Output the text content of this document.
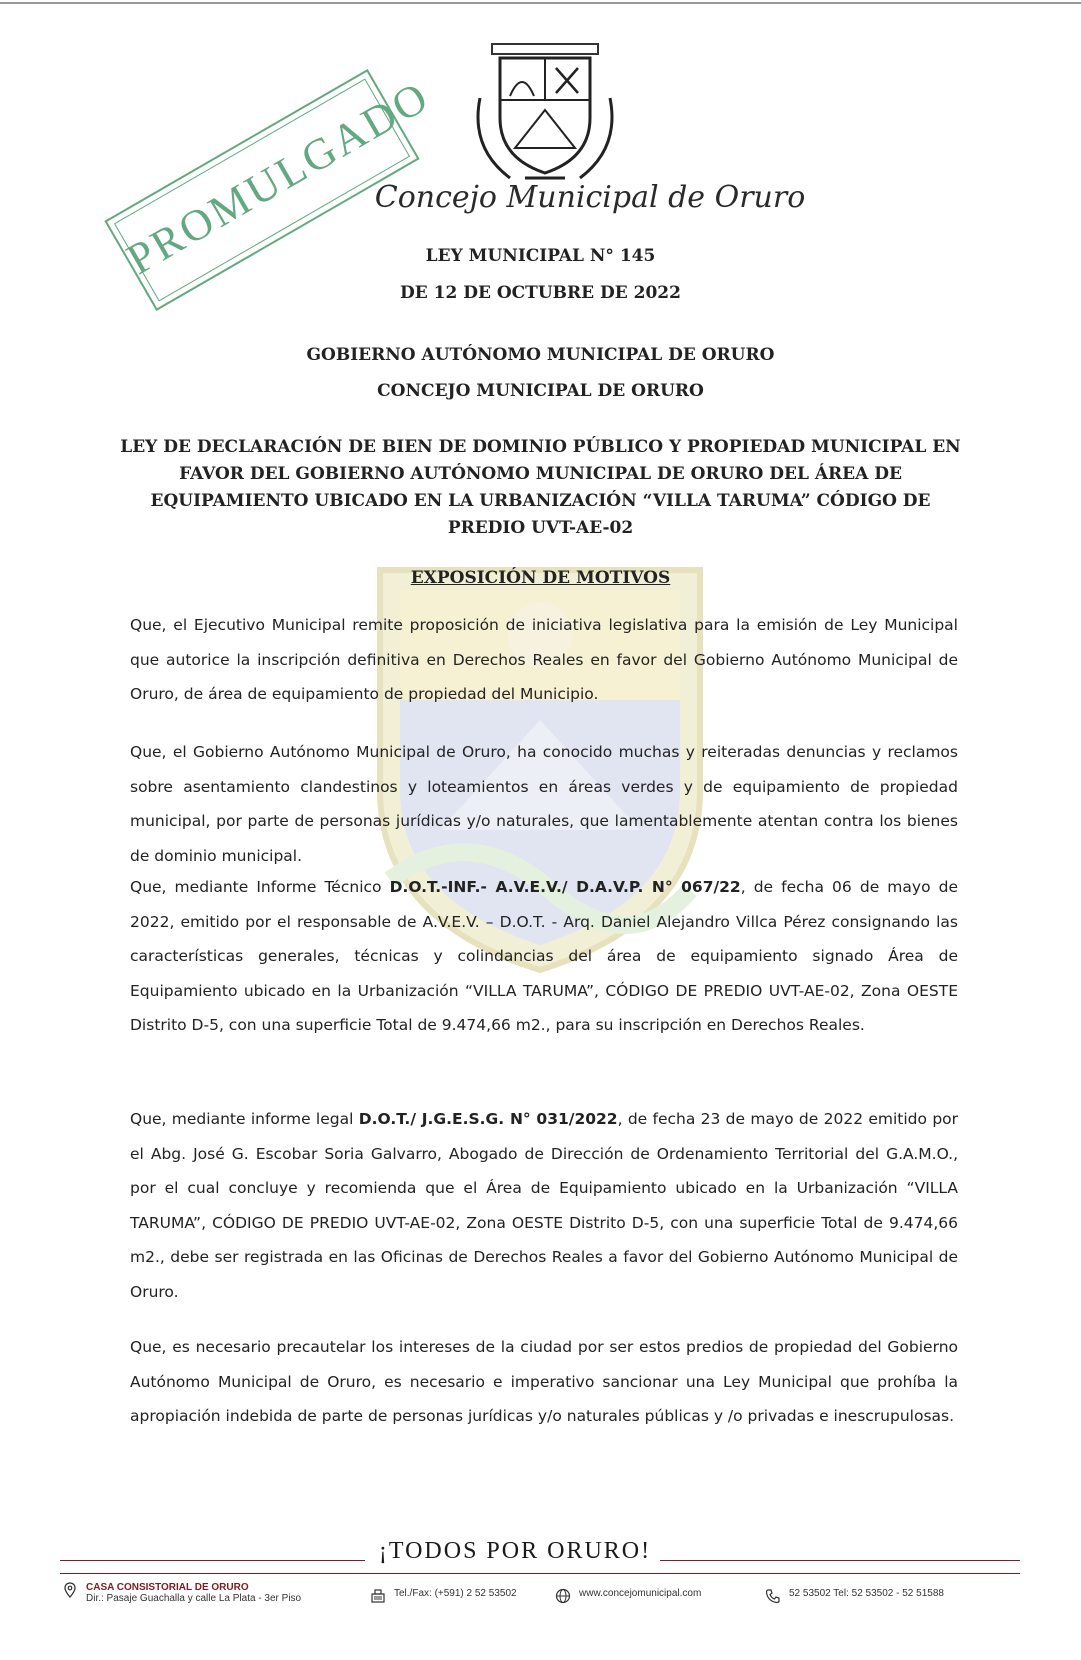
Concejo Municipal de Oruro
PROMULGADO
LEY MUNICIPAL N° 145
DE 12 DE OCTUBRE DE 2022
GOBIERNO AUTÓNOMO MUNICIPAL DE ORURO
CONCEJO MUNICIPAL DE ORURO
LEY DE DECLARACIÓN DE BIEN DE DOMINIO PÚBLICO Y PROPIEDAD MUNICIPAL EN FAVOR DEL GOBIERNO AUTÓNOMO MUNICIPAL DE ORURO DEL ÁREA DE EQUIPAMIENTO UBICADO EN LA URBANIZACIÓN “VILLA TARUMA” CÓDIGO DE PREDIO UVT-AE-02
EXPOSICIÓN DE MOTIVOS

Que, el Ejecutivo Municipal remite proposición de iniciativa legislativa para la emisión de Ley Municipal que autorice la inscripción definitiva en Derechos Reales en favor del Gobierno Autónomo Municipal de Oruro, de área de equipamiento de propiedad del Municipio.

Que, el Gobierno Autónomo Municipal de Oruro, ha conocido muchas y reiteradas denuncias y reclamos sobre asentamiento clandestinos y loteamientos en áreas verdes y de equipamiento de propiedad municipal, por parte de personas jurídicas y/o naturales, que lamentablemente atentan contra los bienes de dominio municipal.

Que, mediante Informe Técnico D.O.T.-INF.- A.V.E.V./ D.A.V.P. N° 067/22, de fecha 06 de mayo de 2022, emitido por el responsable de A.V.E.V. – D.O.T. - Arq. Daniel Alejandro Villca Pérez consignando las características generales, técnicas y colindancias del área de equipamiento signado Área de Equipamiento ubicado en la Urbanización “VILLA TARUMA”, CÓDIGO DE PREDIO UVT-AE-02, Zona OESTE Distrito D-5, con una superficie Total de 9.474,66 m2., para su inscripción en Derechos Reales.

Que, mediante informe legal D.O.T./ J.G.E.S.G. N° 031/2022, de fecha 23 de mayo de 2022 emitido por el Abg. José G. Escobar Soria Galvarro, Abogado de Dirección de Ordenamiento Territorial del G.A.M.O., por el cual concluye y recomienda que el Área de Equipamiento ubicado en la Urbanización “VILLA TARUMA”, CÓDIGO DE PREDIO UVT-AE-02, Zona OESTE Distrito D-5, con una superficie Total de 9.474,66 m2., debe ser registrada en las Oficinas de Derechos Reales a favor del Gobierno Autónomo Municipal de Oruro.

Que, es necesario precautelar los intereses de la ciudad por ser estos predios de propiedad del Gobierno Autónomo Municipal de Oruro, es necesario e imperativo sancionar una Ley Municipal que prohíba la apropiación indebida de parte de personas jurídicas y/o naturales públicas y /o privadas e inescrupulosas.

¡TODOS POR ORURO!
CASA CONSISTORIAL DE ORURO
Dir.: Pasaje Guachalla y calle La Plata - 3er Piso	Tel./Fax: (+591) 2 52 53502	www.concejomunicipal.com	52 53502 Tel: 52 53502 - 52 51588
